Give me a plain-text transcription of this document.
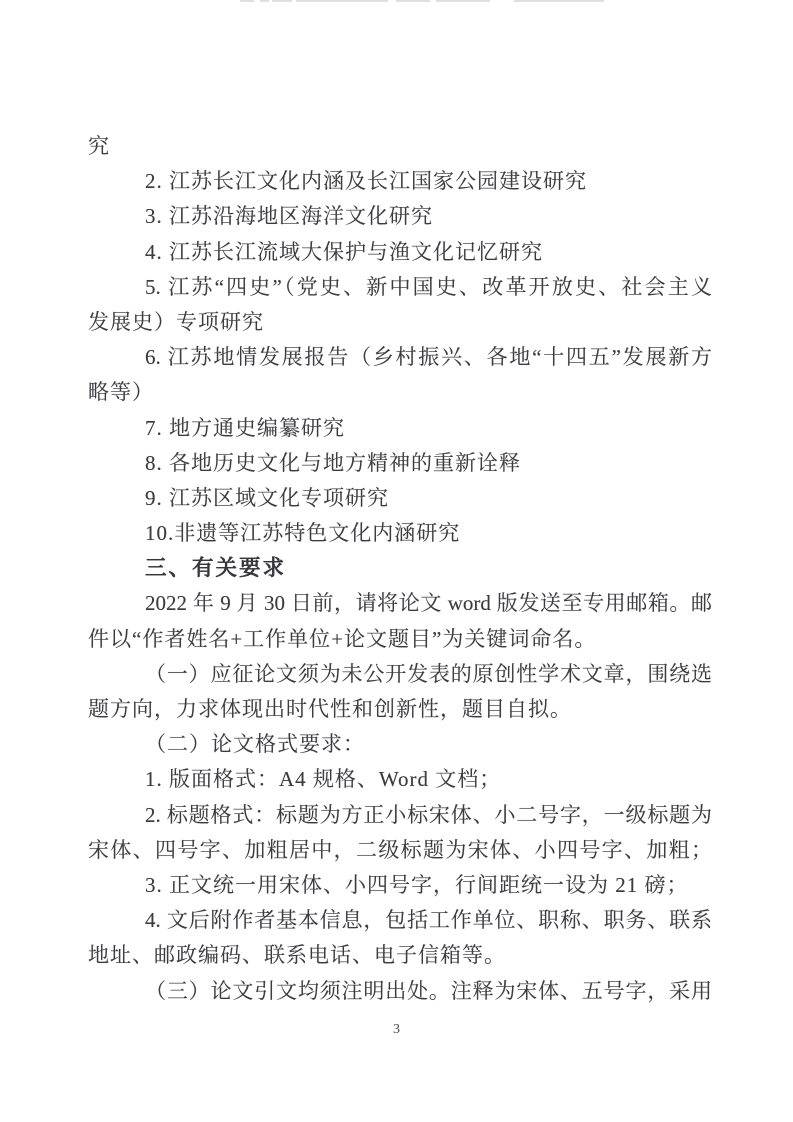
究
2. 江苏长江文化内涵及长江国家公园建设研究
3. 江苏沿海地区海洋文化研究
4. 江苏长江流域大保护与渔文化记忆研究
5. 江苏“四史”（党史、新中国史、改革开放史、社会主义
发展史）专项研究
6. 江苏地情发展报告（乡村振兴、各地“十四五”发展新方
略等）
7. 地方通史编纂研究
8. 各地历史文化与地方精神的重新诠释
9. 江苏区域文化专项研究
10.非遗等江苏特色文化内涵研究
三、有关要求
2022 年 9 月 30 日前，请将论文 word 版发送至专用邮箱。邮
件以“作者姓名+工作单位+论文题目”为关键词命名。
（一）应征论文须为未公开发表的原创性学术文章，围绕选
题方向，力求体现出时代性和创新性，题目自拟。
（二）论文格式要求：
1. 版面格式：A4 规格、Word 文档；
2. 标题格式：标题为方正小标宋体、小二号字，一级标题为
宋体、四号字、加粗居中，二级标题为宋体、小四号字、加粗；
3. 正文统一用宋体、小四号字，行间距统一设为 21 磅；
4. 文后附作者基本信息，包括工作单位、职称、职务、联系
地址、邮政编码、联系电话、电子信箱等。
（三）论文引文均须注明出处。注释为宋体、五号字，采用
3
